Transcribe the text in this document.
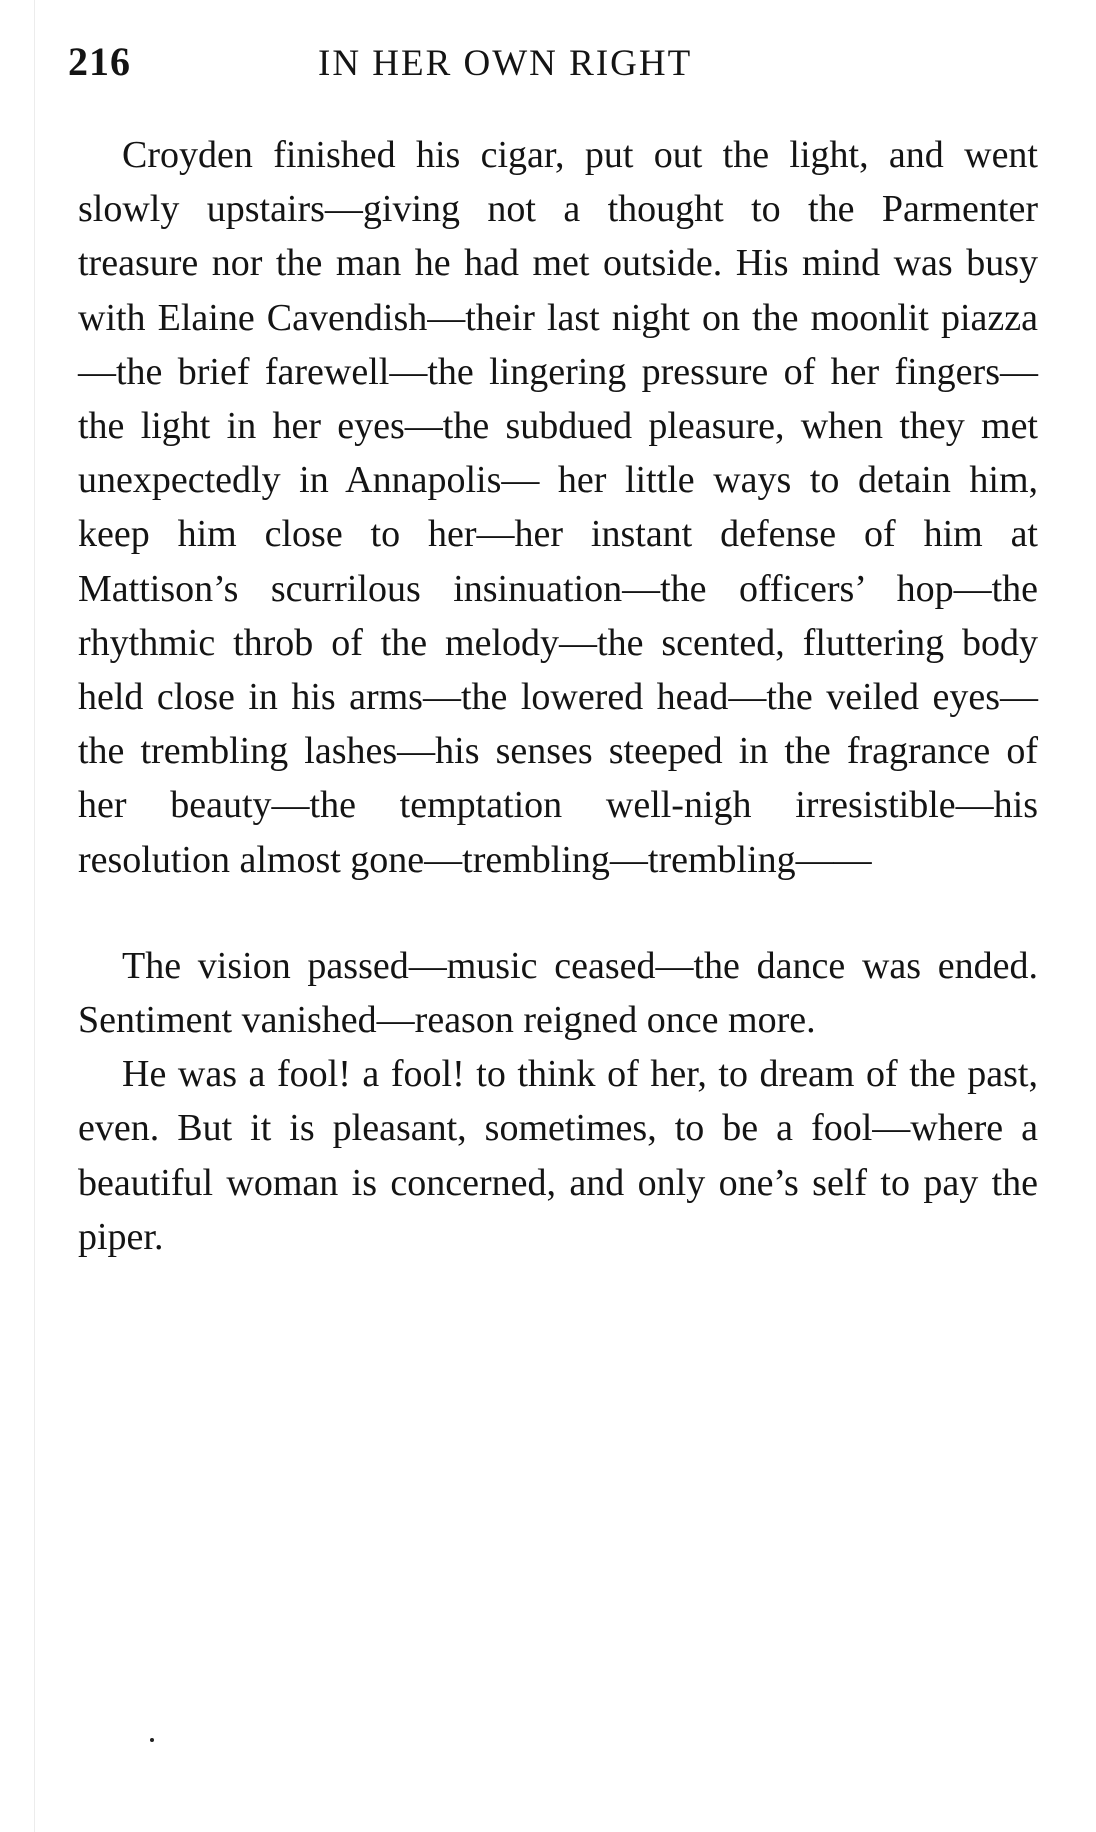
216	IN HER OWN RIGHT

Croyden finished his cigar, put out the light, and went slowly upstairs—giving not a thought to the Parmenter treasure nor the man he had met outside. His mind was busy with Elaine Cavendish—their last night on the moonlit piazza —the brief farewell—the lingering pressure of her fingers—the light in her eyes—the subdued pleasure, when they met unexpectedly in Annapolis— her little ways to detain him, keep him close to her—her instant defense of him at Mattison’s scurrilous insinuation—the officers’ hop—the rhythmic throb of the melody—the scented, fluttering body held close in his arms—the lowered head—the veiled eyes—the trembling lashes—his senses steeped in the fragrance of her beauty—the temptation well-nigh irresistible—his resolution almost gone—trembling—trembling——

The vision passed—music ceased—the dance was ended. Sentiment vanished—reason reigned once more.

He was a fool! a fool! to think of her, to dream of the past, even. But it is pleasant, sometimes, to be a fool—where a beautiful woman is concerned, and only one’s self to pay the piper.
